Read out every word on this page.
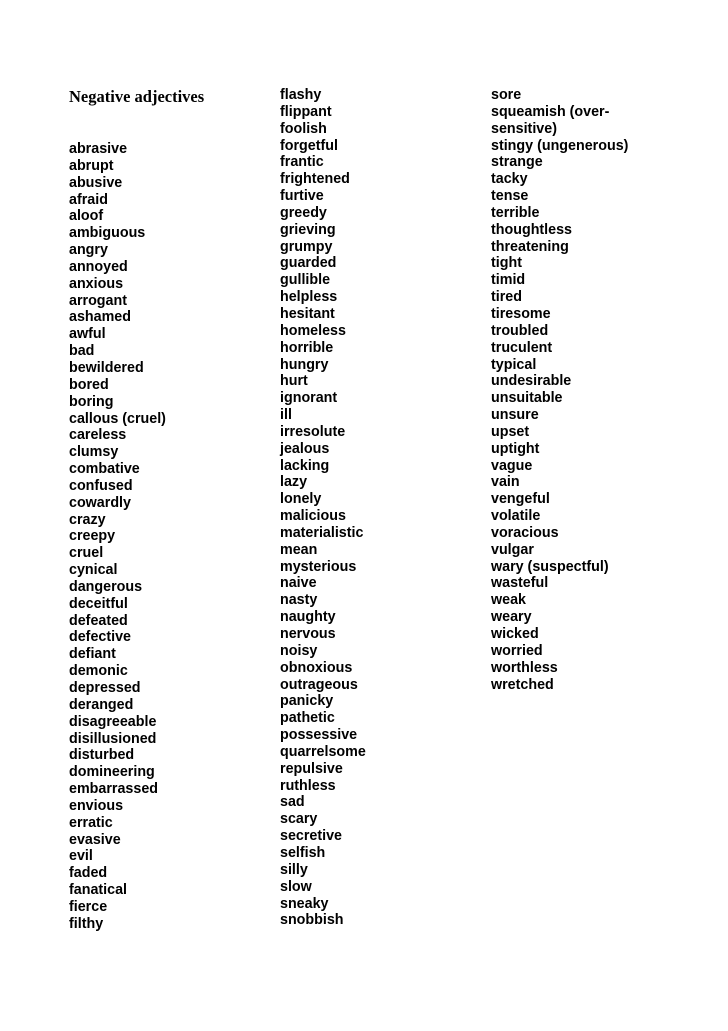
Negative adjectives
abrasive
abrupt
abusive
afraid
aloof
ambiguous
angry
annoyed
anxious
arrogant
ashamed
awful
bad
bewildered
bored
boring
callous (cruel)
careless
clumsy
combative
confused
cowardly
crazy
creepy
cruel
cynical
dangerous
deceitful
defeated
defective
defiant
demonic
depressed
deranged
disagreeable
disillusioned
disturbed
domineering
embarrassed
envious
erratic
evasive
evil
faded
fanatical
fierce
filthy
flashy
flippant
foolish
forgetful
frantic
frightened
furtive
greedy
grieving
grumpy
guarded
gullible
helpless
hesitant
homeless
horrible
hungry
hurt
ignorant
ill
irresolute
jealous
lacking
lazy
lonely
malicious
materialistic
mean
mysterious
naive
nasty
naughty
nervous
noisy
obnoxious
outrageous
panicky
pathetic
possessive
quarrelsome
repulsive
ruthless
sad
scary
secretive
selfish
silly
slow
sneaky
snobbish
sore
squeamish (over-
sensitive)
stingy (ungenerous)
strange
tacky
tense
terrible
thoughtless
threatening
tight
timid
tired
tiresome
troubled
truculent
typical
undesirable
unsuitable
unsure
upset
uptight
vague
vain
vengeful
volatile
voracious
vulgar
wary (suspectful)
wasteful
weak
weary
wicked
worried
worthless
wretched
